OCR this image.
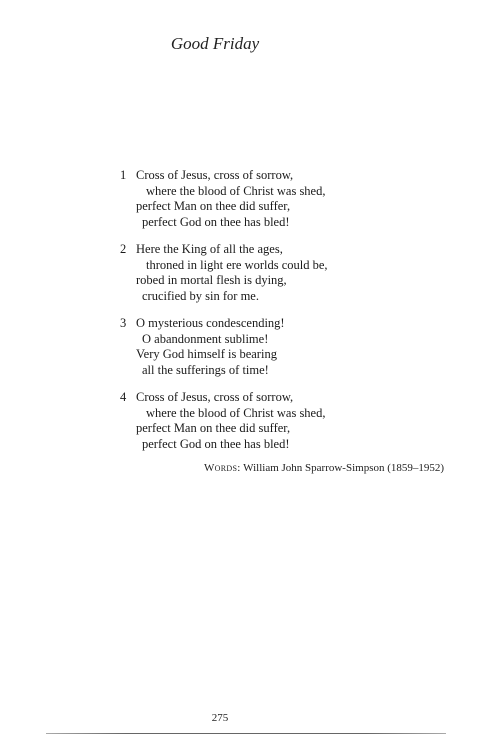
Good Friday
1 Cross of Jesus, cross of sorrow,
where the blood of Christ was shed,
perfect Man on thee did suffer,
perfect God on thee has bled!
2 Here the King of all the ages,
throned in light ere worlds could be,
robed in mortal flesh is dying,
crucified by sin for me.
3 O mysterious condescending!
O abandonment sublime!
Very God himself is bearing
all the sufferings of time!
4 Cross of Jesus, cross of sorrow,
where the blood of Christ was shed,
perfect Man on thee did suffer,
perfect God on thee has bled!
Words: William John Sparrow-Simpson (1859–1952)
275
